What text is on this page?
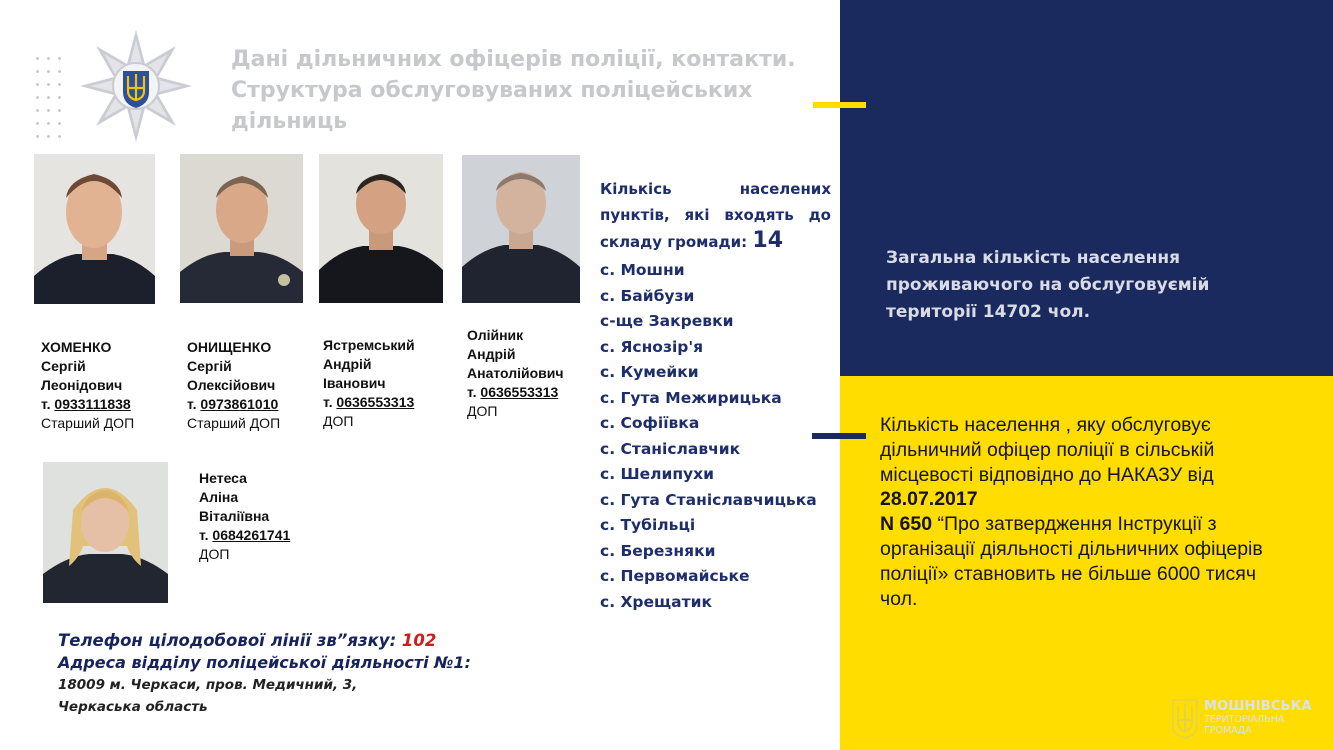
Дані дільничних офіцерів поліції, контакти. Структура обслуговуваних поліцейських дільниць
ХОМЕНКО
Сергій
Леонідович
т. 0933111838
Старший ДОП
ОНИЩЕНКО
Сергій
Олексійович
т. 0973861010
Старший ДОП
Ястремський
Андрій
Іванович
т. 0636553313
ДОП
Олійник
Андрій
Анатолійович
т. 0636553313
ДОП
Нетеса
Аліна
Віталіївна
т. 0684261741
ДОП
Кількісь населених пунктів, які входять до складу громади: 14
с. Мошни
с. Байбузи
с-ще Закревки
с. Яснозір'я
с. Кумейки
с. Гута Межирицька
с. Софіївка
с. Станіславчик
с. Шелипухи
с. Гута Станіславчицька
с. Тубільці
с. Березняки
с. Первомайське
с. Хрещатик
Телефон цілодобової лінії зв”язку: 102
Адреса відділу поліцейської діяльності №1:
18009 м. Черкаси, пров. Медичний, 3,
Черкаська область
Загальна кількість населення проживаючого на обслуговуємій території 14702 чол.
Кількість населення , яку обслуговує дільничний офіцер поліції в сільській місцевості відповідно до НАКАЗУ від
28.07.2017
N 650 “Про затвердження Інструкції з організації діяльності дільничних офіцерів поліції» ставновить не більше 6000 тисяч чол.
МОШНІВСЬКА
ТЕРИТОРІАЛЬНА ГРОМАДА
